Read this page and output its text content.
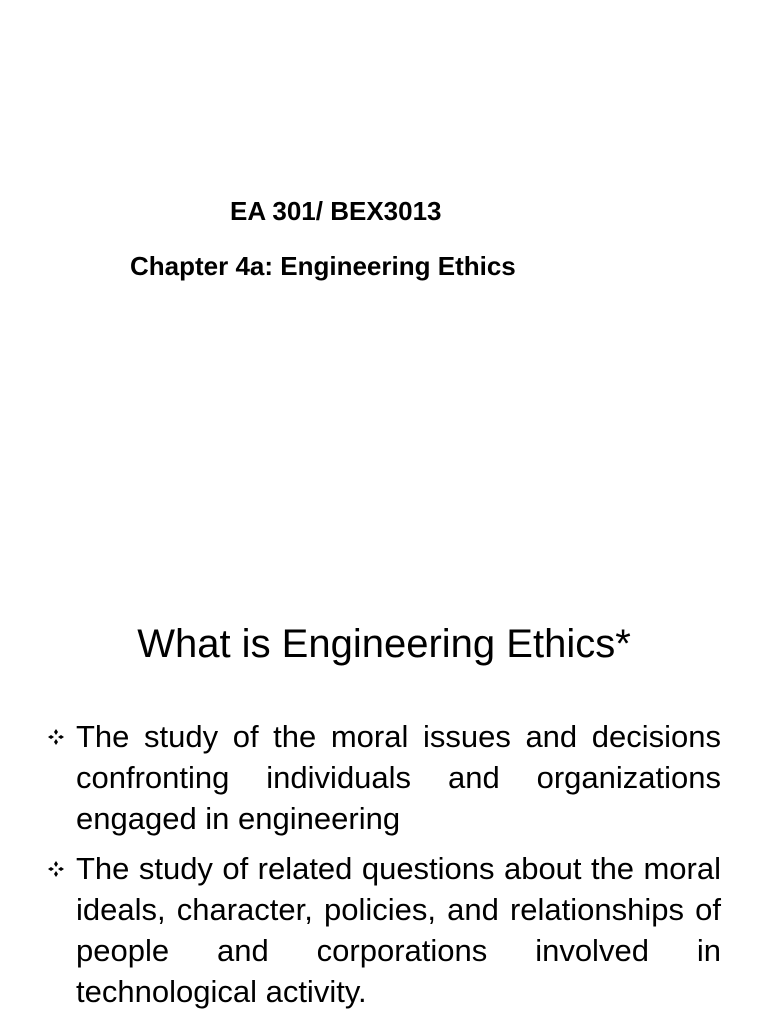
EA 301/ BEX3013
Chapter 4a: Engineering Ethics
What is Engineering Ethics*
The study of the moral issues and decisions confronting individuals and organizations engaged in engineering
The study of related questions about the moral ideals, character, policies, and relationships of people and corporations involved in technological activity.
